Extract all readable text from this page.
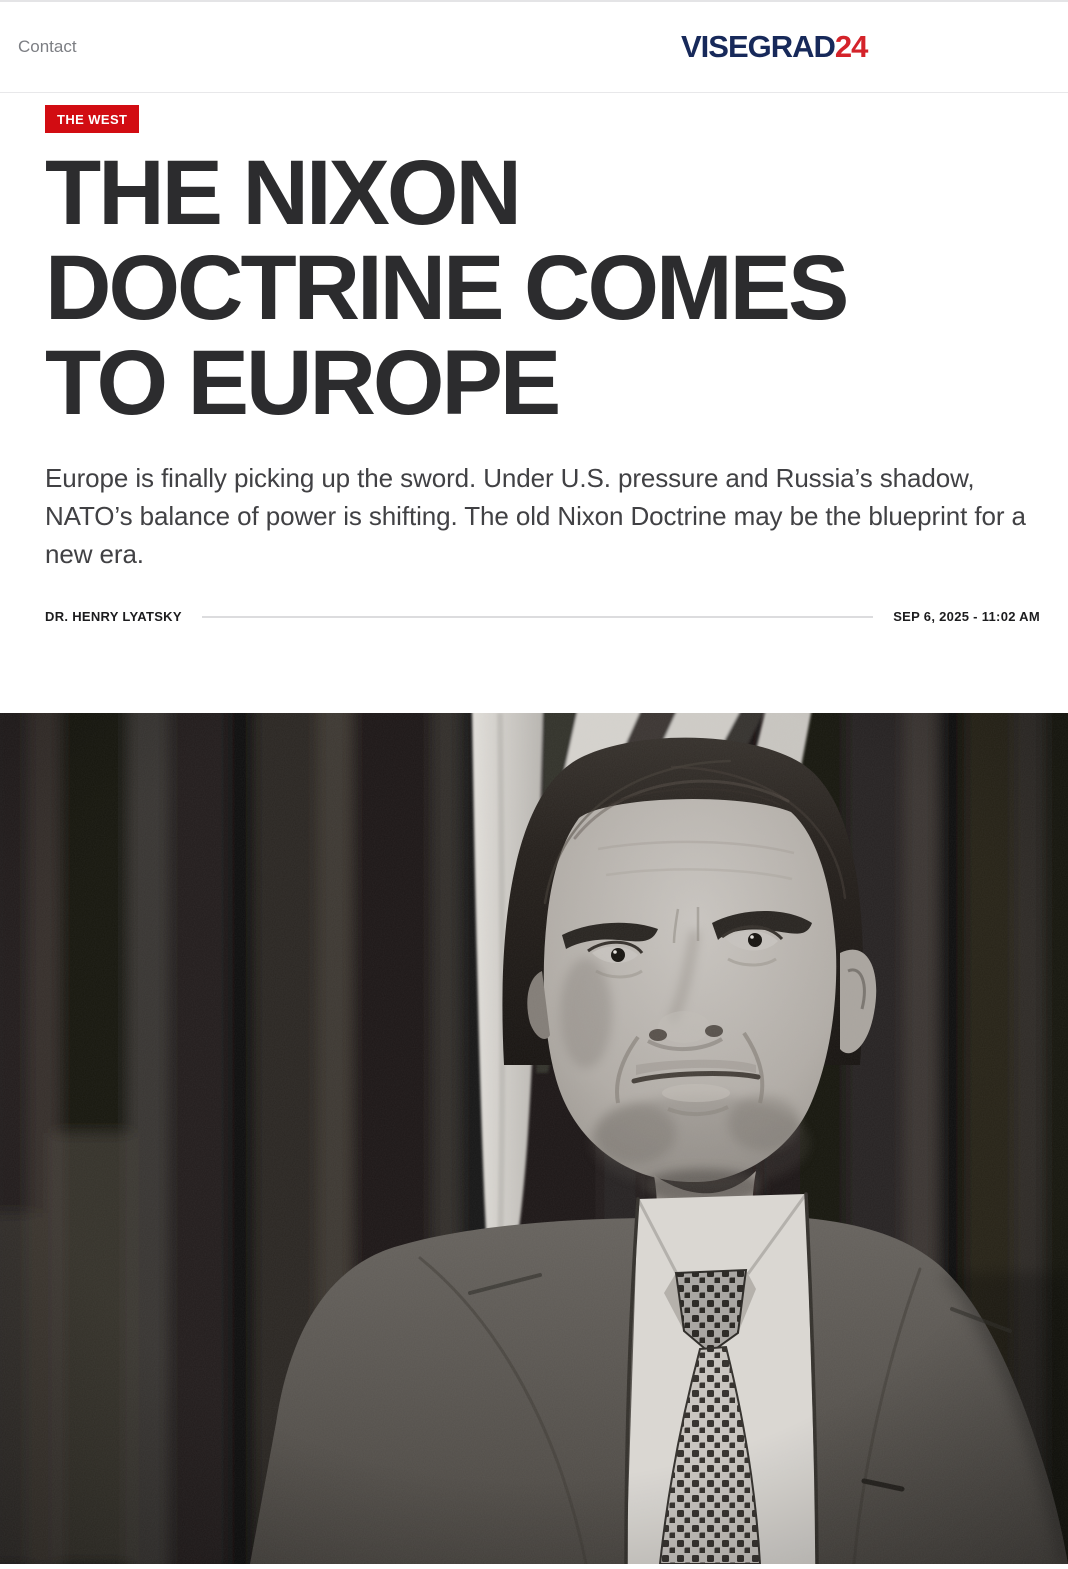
Contact	VISEGRAD24
THE WEST
THE NIXON
DOCTRINE COMES
TO EUROPE

Europe is finally picking up the sword. Under U.S. pressure and Russia’s shadow, NATO’s balance of power is shifting. The old Nixon Doctrine may be the blueprint for a new era.

DR. HENRY LYATSKY	SEP 6, 2025 - 11:02 AM
